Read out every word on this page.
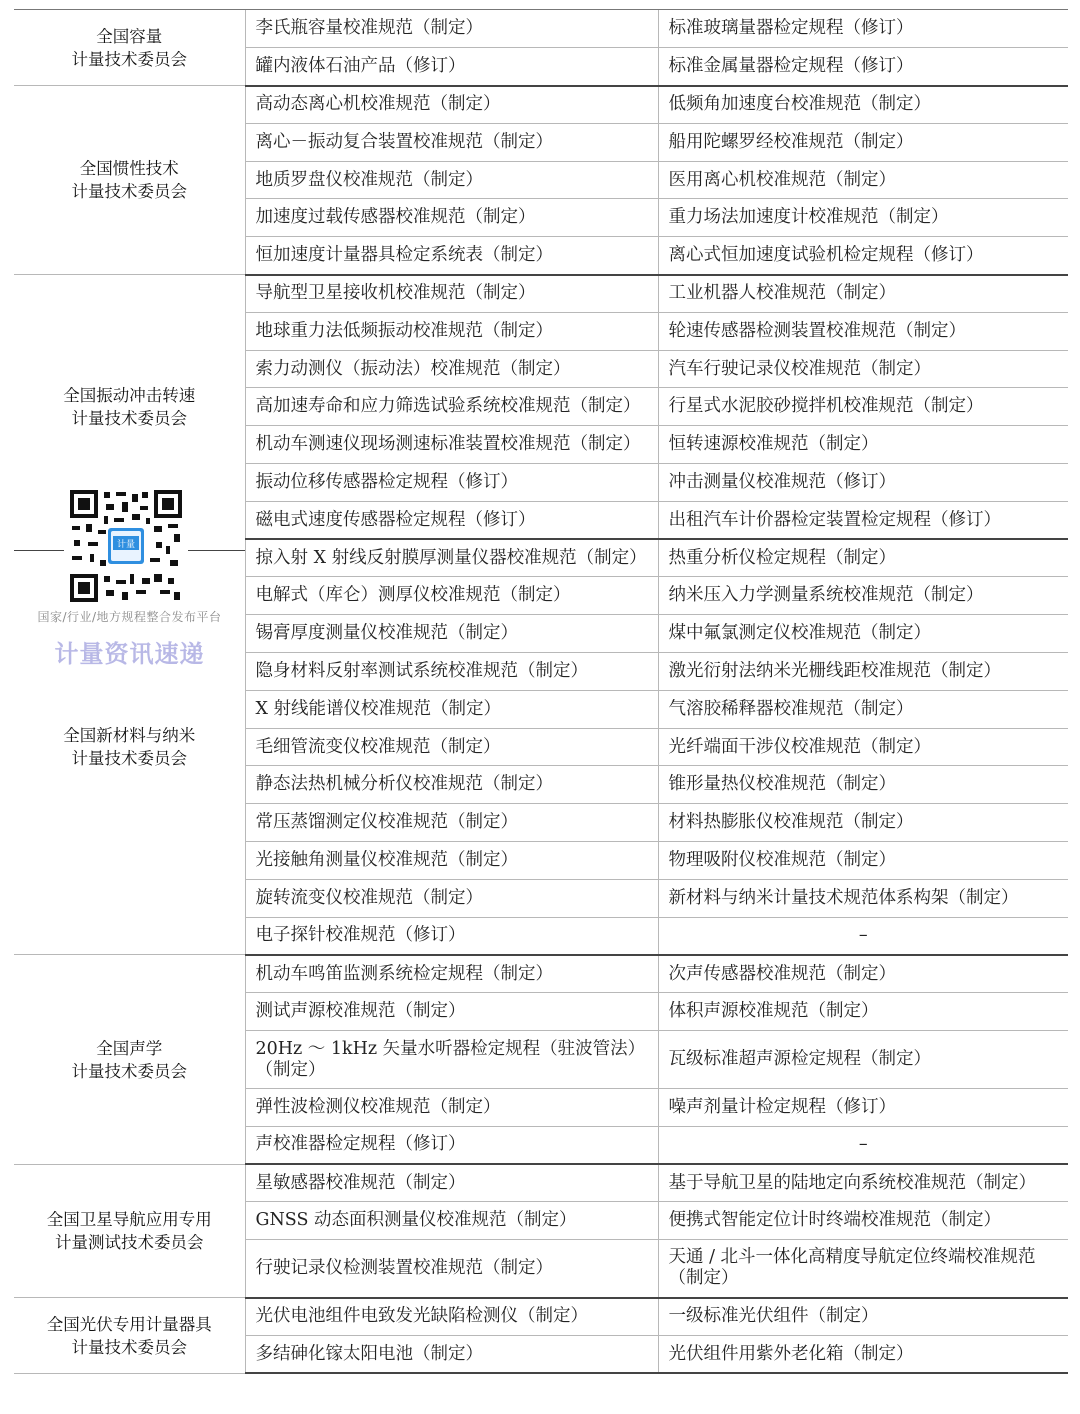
全国容量
计量技术委员会	李氏瓶容量校准规范（制定）	标准玻璃量器检定规程（修订）
	罐内液体石油产品（修订）	标准金属量器检定规程（修订）
全国惯性技术
计量技术委员会	高动态离心机校准规范（制定）	低频角加速度台校准规范（制定）
	离心－振动复合装置校准规范（制定）	船用陀螺罗经校准规范（制定）
	地质罗盘仪校准规范（制定）	医用离心机校准规范（制定）
	加速度过载传感器校准规范（制定）	重力场法加速度计校准规范（制定）
	恒加速度计量器具检定系统表（制定）	离心式恒加速度试验机检定规程（修订）
全国振动冲击转速
计量技术委员会	导航型卫星接收机校准规范（制定）	工业机器人校准规范（制定）
	地球重力法低频振动校准规范（制定）	轮速传感器检测装置校准规范（制定）
	索力动测仪（振动法）校准规范（制定）	汽车行驶记录仪校准规范（制定）
	高加速寿命和应力筛选试验系统校准规范（制定）	行星式水泥胶砂搅拌机校准规范（制定）
	机动车测速仪现场测速标准装置校准规范（制定）	恒转速源校准规范（制定）
	振动位移传感器检定规程（修订）	冲击测量仪校准规范（修订）
	磁电式速度传感器检定规程（修订）	出租汽车计价器检定装置检定规程（修订）
全国新材料与纳米
计量技术委员会	掠入射 X 射线反射膜厚测量仪器校准规范（制定）	热重分析仪检定规程（制定）
	电解式（库仑）测厚仪校准规范（制定）	纳米压入力学测量系统校准规范（制定）
	锡膏厚度测量仪校准规范（制定）	煤中氟氯测定仪校准规范（制定）
	隐身材料反射率测试系统校准规范（制定）	激光衍射法纳米光栅线距校准规范（制定）
	X 射线能谱仪校准规范（制定）	气溶胶稀释器校准规范（制定）
	毛细管流变仪校准规范（制定）	光纤端面干涉仪校准规范（制定）
	静态法热机械分析仪校准规范（制定）	锥形量热仪校准规范（制定）
	常压蒸馏测定仪校准规范（制定）	材料热膨胀仪校准规范（制定）
	光接触角测量仪校准规范（制定）	物理吸附仪校准规范（制定）
	旋转流变仪校准规范（制定）	新材料与纳米计量技术规范体系构架（制定）
	电子探针校准规范（修订）	–
全国声学
计量技术委员会	机动车鸣笛监测系统检定规程（制定）	次声传感器校准规范（制定）
	测试声源校准规范（制定）	体积声源校准规范（制定）
	20Hz ～ 1kHz 矢量水听器检定规程（驻波管法）（制定）	瓦级标准超声源检定规程（制定）
	弹性波检测仪校准规范（制定）	噪声剂量计检定规程（修订）
	声校准器检定规程（修订）	–
全国卫星导航应用专用
计量测试技术委员会	星敏感器校准规范（制定）	基于导航卫星的陆地定向系统校准规范（制定）
	GNSS 动态面积测量仪校准规范（制定）	便携式智能定位计时终端校准规范（制定）
	行驶记录仪检测装置校准规范（制定）	天通 / 北斗一体化高精度导航定位终端校准规范（制定）
全国光伏专用计量器具
计量技术委员会	光伏电池组件电致发光缺陷检测仪（制定）	一级标准光伏组件（制定）
	多结砷化镓太阳电池（制定）	光伏组件用紫外老化箱（制定）
计量
国家/行业/地方规程整合发布平台
计量资讯速递
